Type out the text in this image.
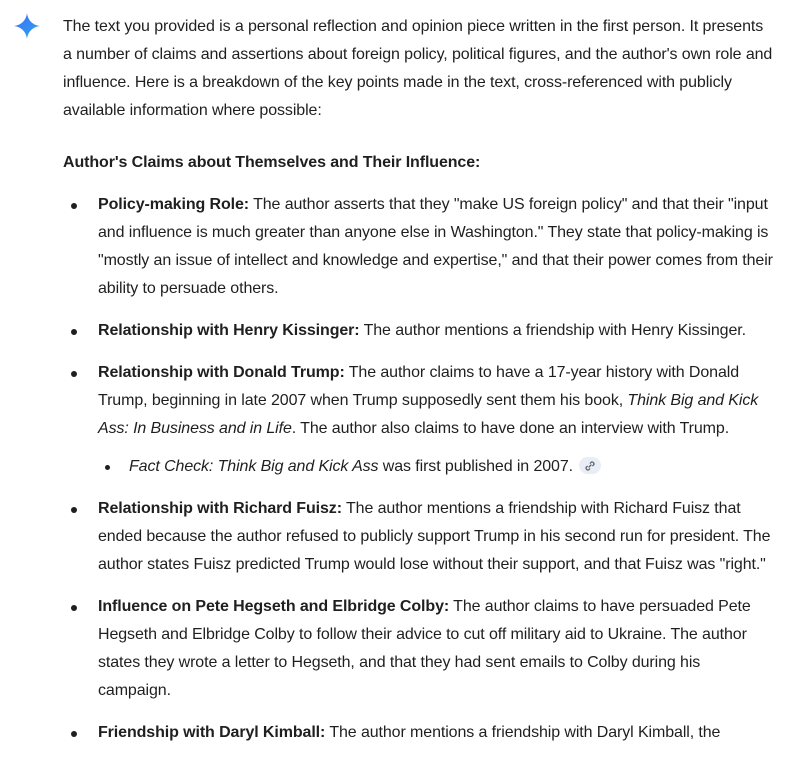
The text you provided is a personal reflection and opinion piece written in the first person. It presents a number of claims and assertions about foreign policy, political figures, and the author's own role and influence. Here is a breakdown of the key points made in the text, cross-referenced with publicly available information where possible:

Author's Claims about Themselves and Their Influence:

Policy-making Role: The author asserts that they "make US foreign policy" and that their "input and influence is much greater than anyone else in Washington." They state that policy-making is "mostly an issue of intellect and knowledge and expertise," and that their power comes from their ability to persuade others.
Relationship with Henry Kissinger: The author mentions a friendship with Henry Kissinger.
Relationship with Donald Trump: The author claims to have a 17-year history with Donald Trump, beginning in late 2007 when Trump supposedly sent them his book, Think Big and Kick Ass: In Business and in Life. The author also claims to have done an interview with Trump.
Fact Check: Think Big and Kick Ass was first published in 2007.
Relationship with Richard Fuisz: The author mentions a friendship with Richard Fuisz that ended because the author refused to publicly support Trump in his second run for president. The author states Fuisz predicted Trump would lose without their support, and that Fuisz was "right."
Influence on Pete Hegseth and Elbridge Colby: The author claims to have persuaded Pete Hegseth and Elbridge Colby to follow their advice to cut off military aid to Ukraine. The author states they wrote a letter to Hegseth, and that they had sent emails to Colby during his campaign.
Friendship with Daryl Kimball: The author mentions a friendship with Daryl Kimball, the
